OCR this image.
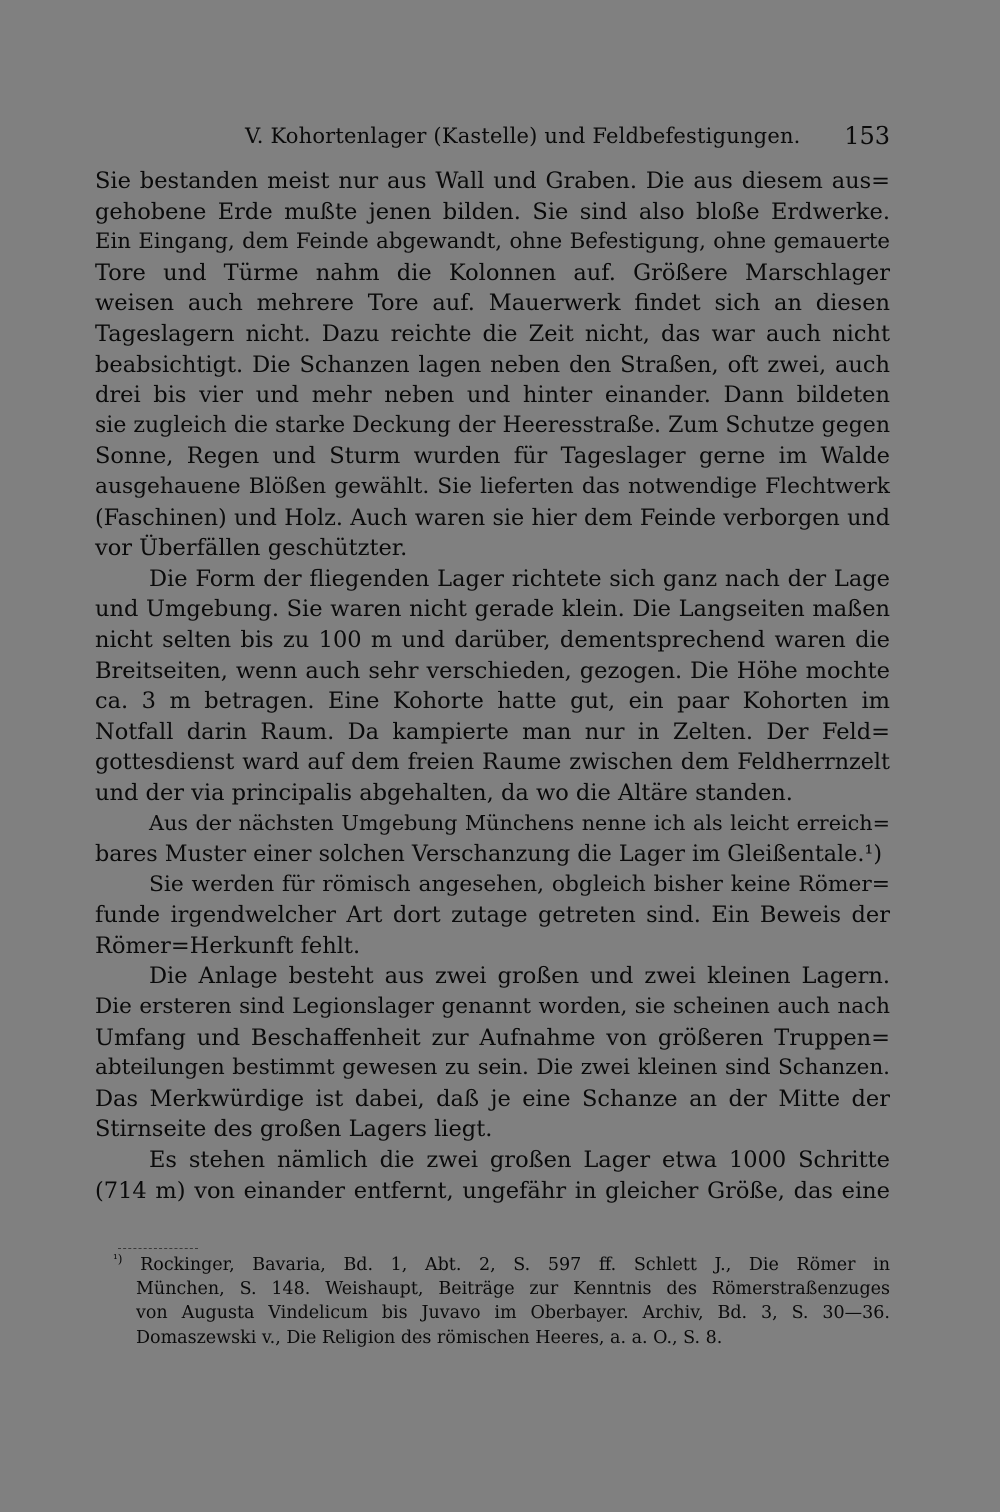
V. Kohortenlager (Kastelle) und Feldbefestigungen. 153
Sie bestanden meist nur aus Wall und Graben. Die aus diesem aus=
gehobene Erde mußte jenen bilden. Sie sind also bloße Erdwerke.
Ein Eingang, dem Feinde abgewandt, ohne Befestigung, ohne gemauerte
Tore und Türme nahm die Kolonnen auf. Größere Marschlager
weisen auch mehrere Tore auf. Mauerwerk findet sich an diesen
Tageslagern nicht. Dazu reichte die Zeit nicht, das war auch nicht
beabsichtigt. Die Schanzen lagen neben den Straßen, oft zwei, auch
drei bis vier und mehr neben und hinter einander. Dann bildeten
sie zugleich die starke Deckung der Heeresstraße. Zum Schutze gegen
Sonne, Regen und Sturm wurden für Tageslager gerne im Walde
ausgehauene Blößen gewählt. Sie lieferten das notwendige Flechtwerk
(Faschinen) und Holz. Auch waren sie hier dem Feinde verborgen und
vor Überfällen geschützter.
Die Form der fliegenden Lager richtete sich ganz nach der Lage
und Umgebung. Sie waren nicht gerade klein. Die Langseiten maßen
nicht selten bis zu 100 m und darüber, dementsprechend waren die
Breitseiten, wenn auch sehr verschieden, gezogen. Die Höhe mochte
ca. 3 m betragen. Eine Kohorte hatte gut, ein paar Kohorten im
Notfall darin Raum. Da kampierte man nur in Zelten. Der Feld=
gottesdienst ward auf dem freien Raume zwischen dem Feldherrnzelt
und der via principalis abgehalten, da wo die Altäre standen.
Aus der nächsten Umgebung Münchens nenne ich als leicht erreich=
bares Muster einer solchen Verschanzung die Lager im Gleißentale.¹)
Sie werden für römisch angesehen, obgleich bisher keine Römer=
funde irgendwelcher Art dort zutage getreten sind. Ein Beweis der
Römer=Herkunft fehlt.
Die Anlage besteht aus zwei großen und zwei kleinen Lagern.
Die ersteren sind Legionslager genannt worden, sie scheinen auch nach
Umfang und Beschaffenheit zur Aufnahme von größeren Truppen=
abteilungen bestimmt gewesen zu sein. Die zwei kleinen sind Schanzen.
Das Merkwürdige ist dabei, daß je eine Schanze an der Mitte der
Stirnseite des großen Lagers liegt.
Es stehen nämlich die zwei großen Lager etwa 1000 Schritte
(714 m) von einander entfernt, ungefähr in gleicher Größe, das eine
$^{^1)}$ Rockinger, Bavaria, Bd. 1, Abt. 2, S. 597 ff. Schlett J., Die Römer in
München, S. 148. Weishaupt, Beiträge zur Kenntnis des Römerstraßenzuges
von Augusta Vindelicum bis Juvavo im Oberbayer. Archiv, Bd. 3, S. 30—36.
Domaszewski v., Die Religion des römischen Heeres, a. a. O., S. 8.
